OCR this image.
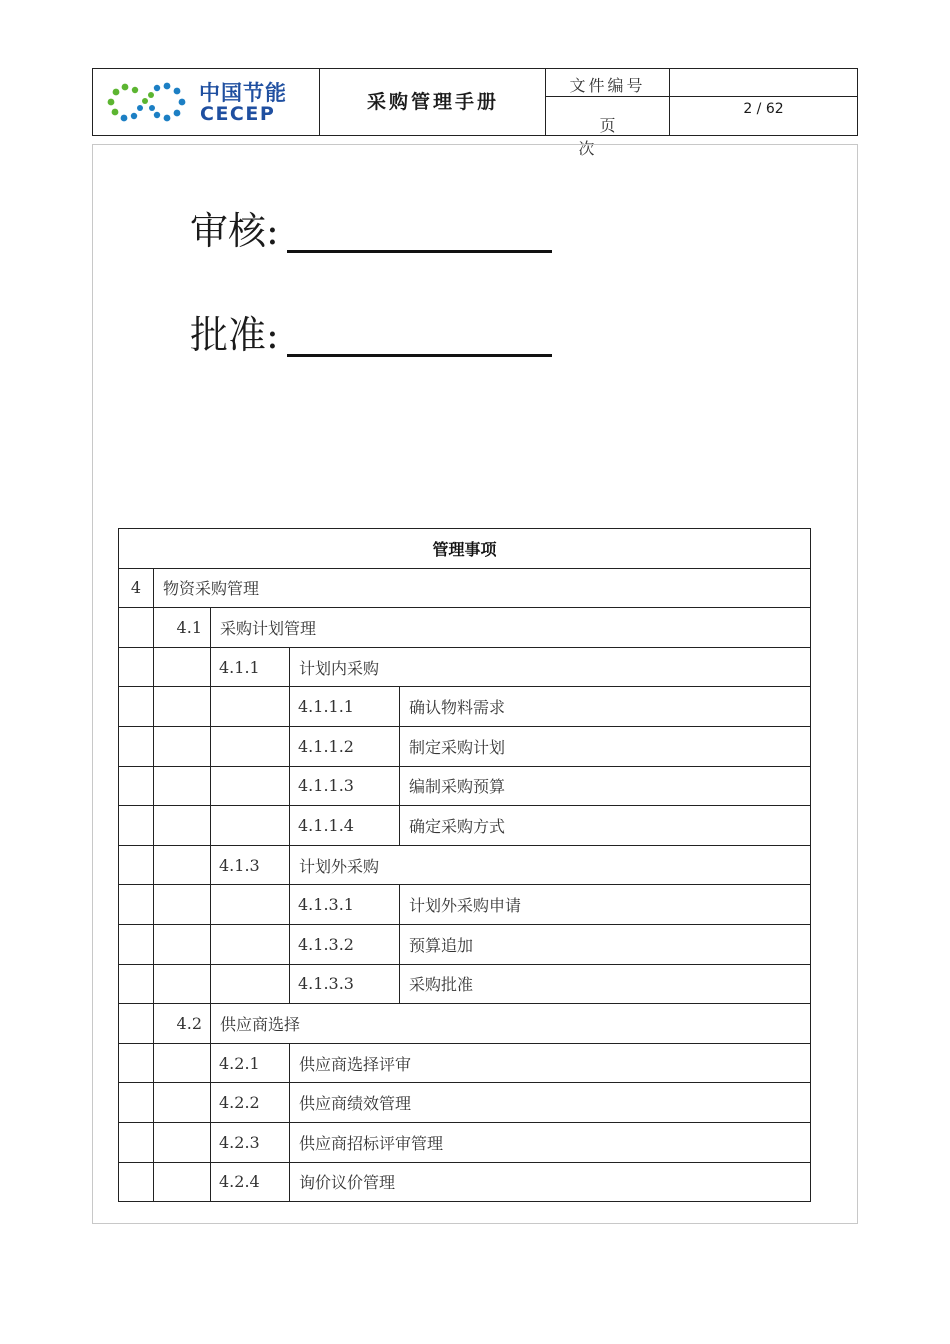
中国节能
CECEP
采购管理手册
文件编号
页次
2 / 62
审核:
批准:
管理事项				
4	物资采购管理			
	4.1	采购计划管理		
		4.1.1	计划内采购	
			4.1.1.1	确认物料需求
			4.1.1.2	制定采购计划
			4.1.1.3	编制采购预算
			4.1.1.4	确定采购方式
		4.1.3	计划外采购	
			4.1.3.1	计划外采购申请
			4.1.3.2	预算追加
			4.1.3.3	采购批准
	4.2	供应商选择		
		4.2.1	供应商选择评审	
		4.2.2	供应商绩效管理	
		4.2.3	供应商招标评审管理	
		4.2.4	询价议价管理	
